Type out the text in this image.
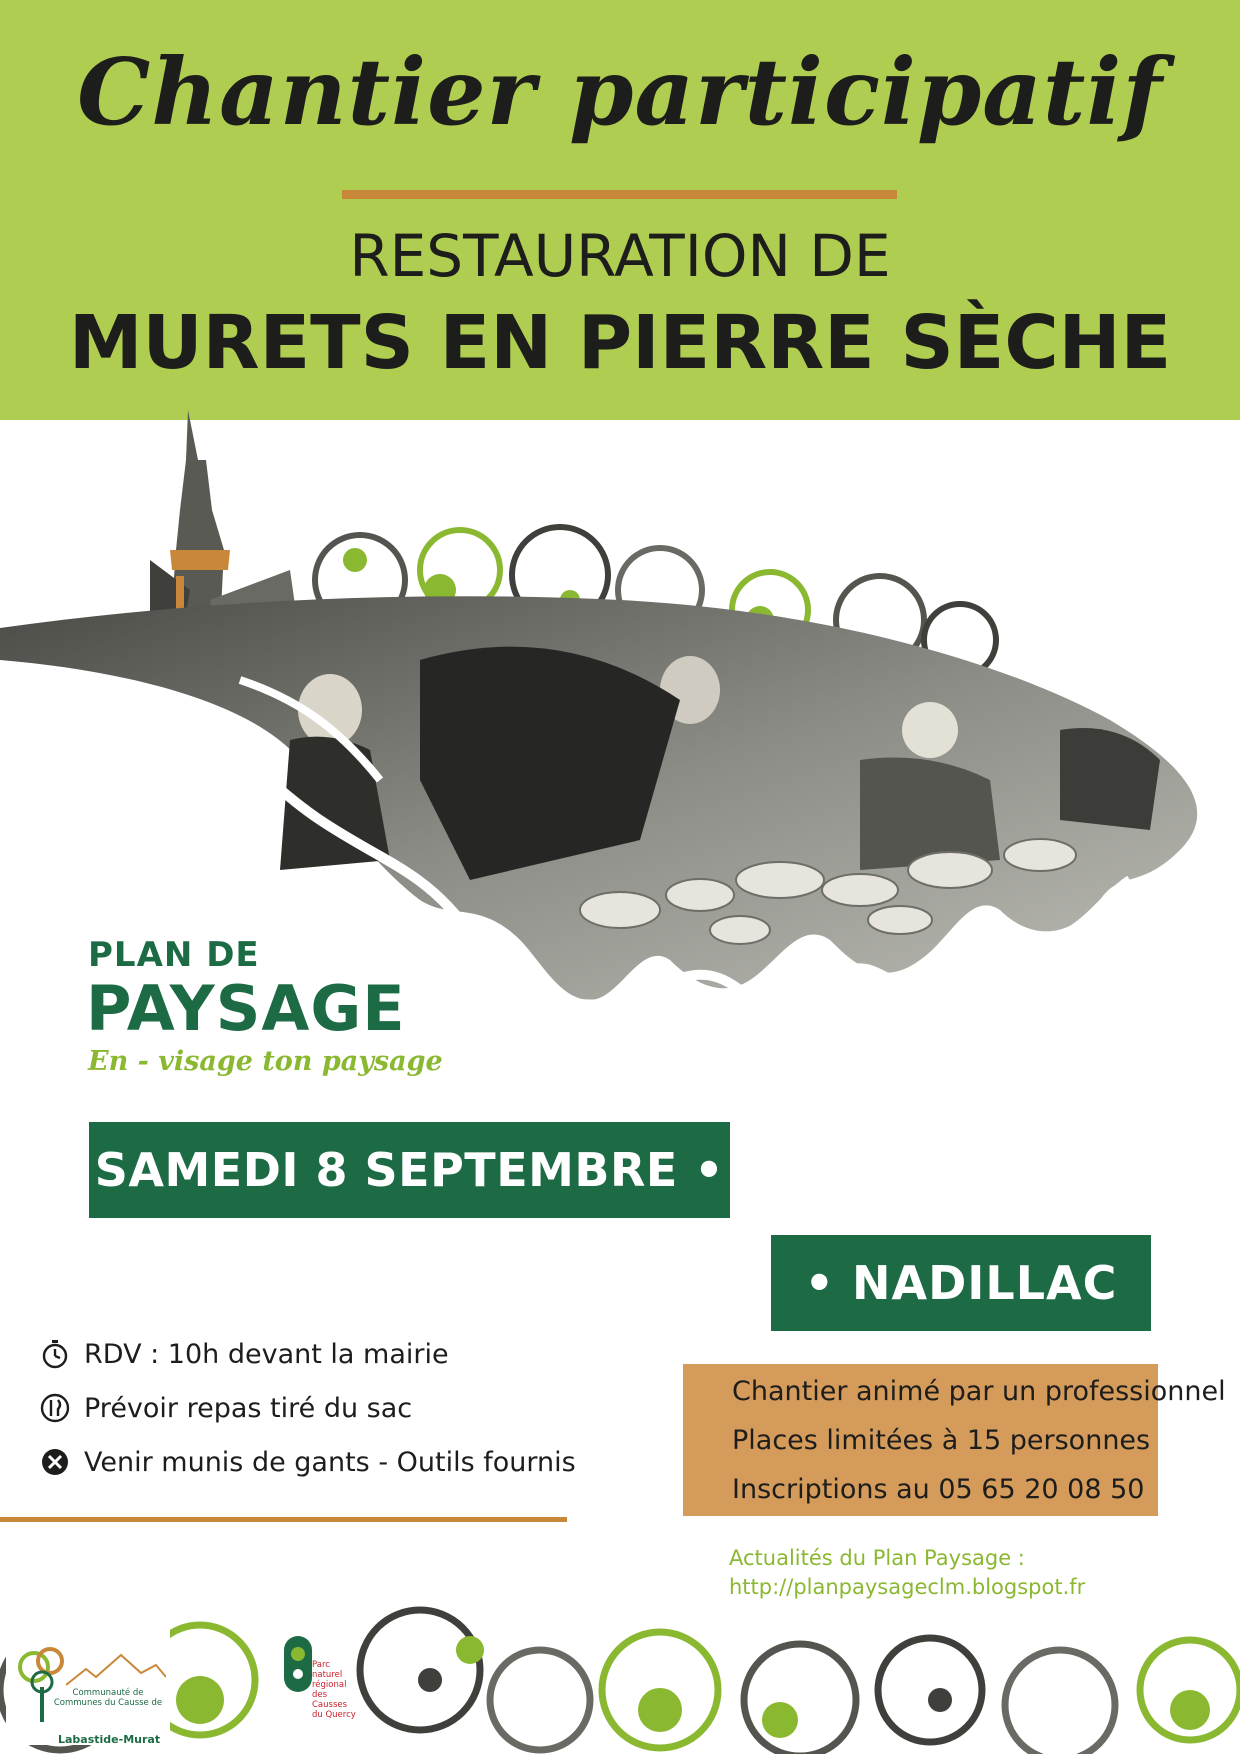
Chantier participatif
RESTAURATION DE
MURETS EN PIERRE SÈCHE
PLAN DE
PAYSAGE
En - visage ton paysage
SAMEDI 8 SEPTEMBRE •
• NADILLAC
RDV : 10h devant la mairie
Prévoir repas tiré du sac
Venir munis de gants - Outils fournis
Chantier animé par un professionnel
Places limitées à 15 personnes
Inscriptions au 05 65 20 08 50
Actualités du Plan Paysage :
http://planpaysageclm.blogspot.fr
Communauté de Communes du Causse de
Labastide-Murat
Parc naturel régional des Causses du Quercy
